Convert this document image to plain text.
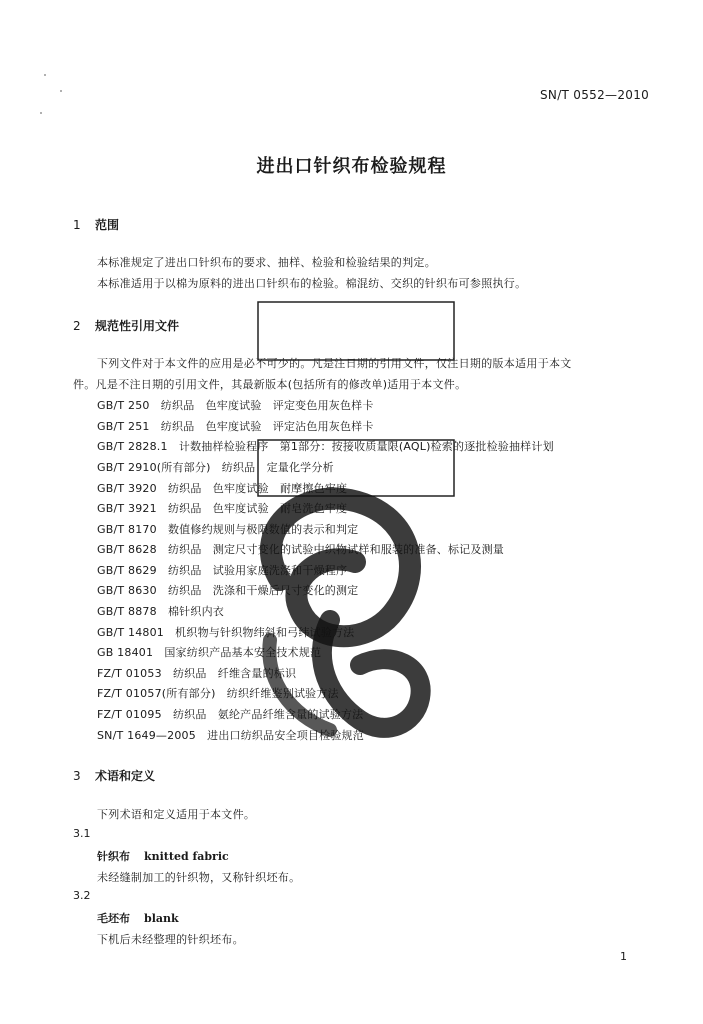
SN/T 0552—2010
进出口针织布检验规程
1 范围
本标准规定了进出口针织布的要求、抽样、检验和检验结果的判定。
本标准适用于以棉为原料的进出口针织布的检验。棉混纺、交织的针织布可参照执行。
2 规范性引用文件
下列文件对于本文件的应用是必不可少的。凡是注日期的引用文件，仅注日期的版本适用于本文
件。凡是不注日期的引用文件，其最新版本(包括所有的修改单)适用于本文件。
GB/T 250　纺织品　色牢度试验　评定变色用灰色样卡
GB/T 251　纺织品　色牢度试验　评定沾色用灰色样卡
GB/T 2828.1　计数抽样检验程序　第1部分：按接收质量限(AQL)检索的逐批检验抽样计划
GB/T 2910(所有部分)　纺织品　定量化学分析
GB/T 3920　纺织品　色牢度试验　耐摩擦色牢度
GB/T 3921　纺织品　色牢度试验　耐皂洗色牢度
GB/T 8170　数值修约规则与极限数值的表示和判定
GB/T 8628　纺织品　测定尺寸变化的试验中织物试样和服装的准备、标记及测量
GB/T 8629　纺织品　试验用家庭洗涤和干燥程序
GB/T 8630　纺织品　洗涤和干燥后尺寸变化的测定
GB/T 8878　棉针织内衣
GB/T 14801　机织物与针织物纬斜和弓纬试验方法
GB 18401　国家纺织产品基本安全技术规范
FZ/T 01053　纺织品　纤维含量的标识
FZ/T 01057(所有部分)　纺织纤维鉴别试验方法
FZ/T 01095　纺织品　氨纶产品纤维含量的试验方法
SN/T 1649—2005　进出口纺织品安全项目检验规范
3 术语和定义
下列术语和定义适用于本文件。
3.1
针织布 knitted fabric
未经缝制加工的针织物，又称针织坯布。
3.2
毛坯布 blank
下机后未经整理的针织坯布。
1
